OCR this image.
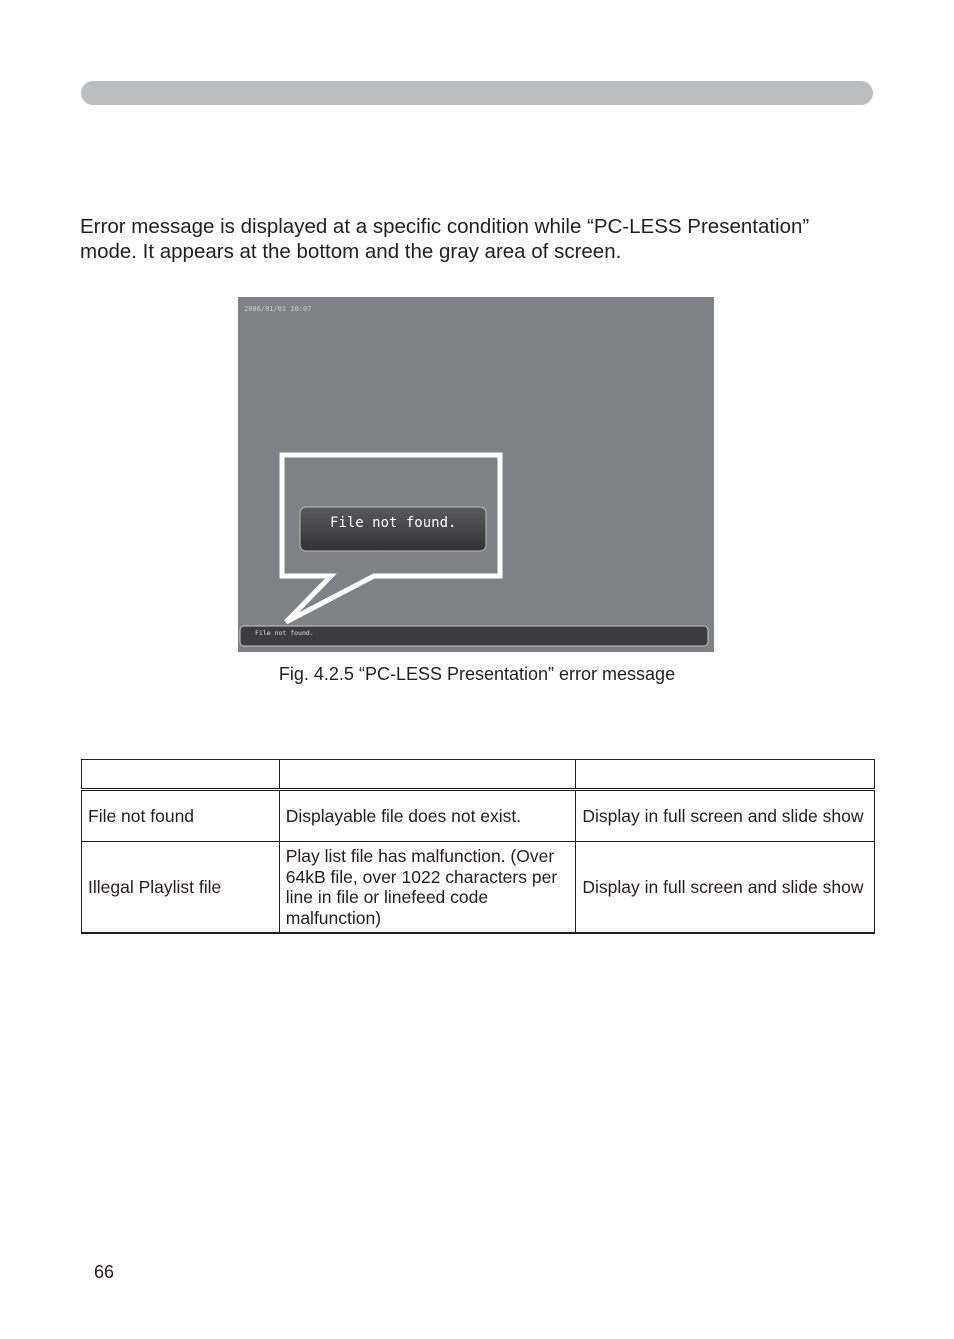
Error message is displayed at a specific condition while “PC-LESS Presentation”
mode. It appears at the bottom and the gray area of screen.

2006/01/01 10:07
File not found.
File not found.
Fig. 4.2.5 “PC-LESS Presentation” error message

File not found	Displayable file does not exist.	Display in full screen and slide show
Illegal Playlist file	Play list file has malfunction. (Over 64kB file, over 1022 characters per line in file or linefeed code malfunction)	Display in full screen and slide show
66
